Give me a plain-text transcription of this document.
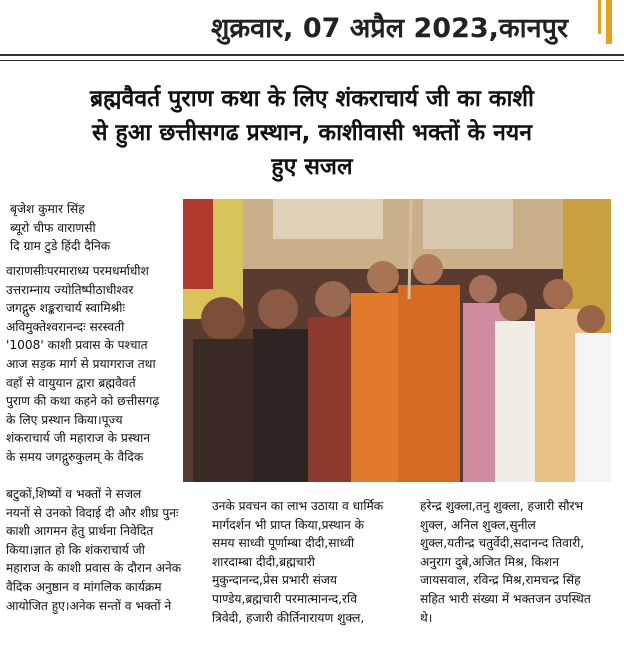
शुक्रवार, 07 अप्रैल 2023,कानपुर
ब्रह्मवैवर्त पुराण कथा के लिए शंकराचार्य जी का काशी
से हुआ छत्तीसगढ प्रस्थान, काशीवासी भक्तों के नयन
हुए सजल
बृजेश कुमार सिंह
ब्यूरो चीफ वाराणसी
दि ग्राम टुडे हिंदी दैनिक

वाराणसीःपरमाराध्य परमधर्माधीश

उत्तराम्नाय ज्योतिष्पीठाधीश्वर

जगद्गुरु शङ्कराचार्य स्वामिश्रीः

अविमुक्तेश्वरानन्दः सरस्वती

'1008' काशी प्रवास के पश्चात

आज सड़क मार्ग से प्रयागराज तथा

वहाँ से वायुयान द्वारा ब्रह्मवैवर्त

पुराण की कथा कहने को छत्तीसगढ़

के लिए प्रस्थान किया।पूज्य

शंकराचार्य जी महाराज के प्रस्थान

के समय जगद्गुरुकुलम् के वैदिक

बटुकों,शिष्यों व भक्तों ने सजल

नयनों से उनको विदाई दी और शीघ्र पुनः

काशी आगमन हेतु प्रार्थना निवेदित

किया।ज्ञात हो कि शंकराचार्य जी

महाराज के काशी प्रवास के दौरान अनेक

वैदिक अनुष्ठान व मांगलिक कार्यक्रम

आयोजित हुए।अनेक सन्तों व भक्तों ने

उनके प्रवचन का लाभ उठाया व धार्मिक

मार्गदर्शन भी प्राप्त किया,प्रस्थान के

समय साध्वी पूर्णाम्बा दीदी,साध्वी

शारदाम्बा दीदी,ब्रह्मचारी

मुकुन्दानन्द,प्रेस प्रभारी संजय

पाण्डेय,ब्रह्मचारी परमात्मानन्द,रवि

त्रिवेदी, हजारी कीर्तिनारायण शुक्ल,

हरेन्द्र शुक्ला,तनु शुक्ला, हजारी सौरभ

शुक्ल, अनिल शुक्ल,सुनील

शुक्ल,यतीन्द्र चतुर्वेदी,सदानन्द तिवारी,

अनुराग दुबे,अजित मिश्र, किशन

जायसवाल, रविन्द्र मिश्र,रामचन्द्र सिंह

सहित भारी संख्या में भक्तजन उपस्थित

थे।
